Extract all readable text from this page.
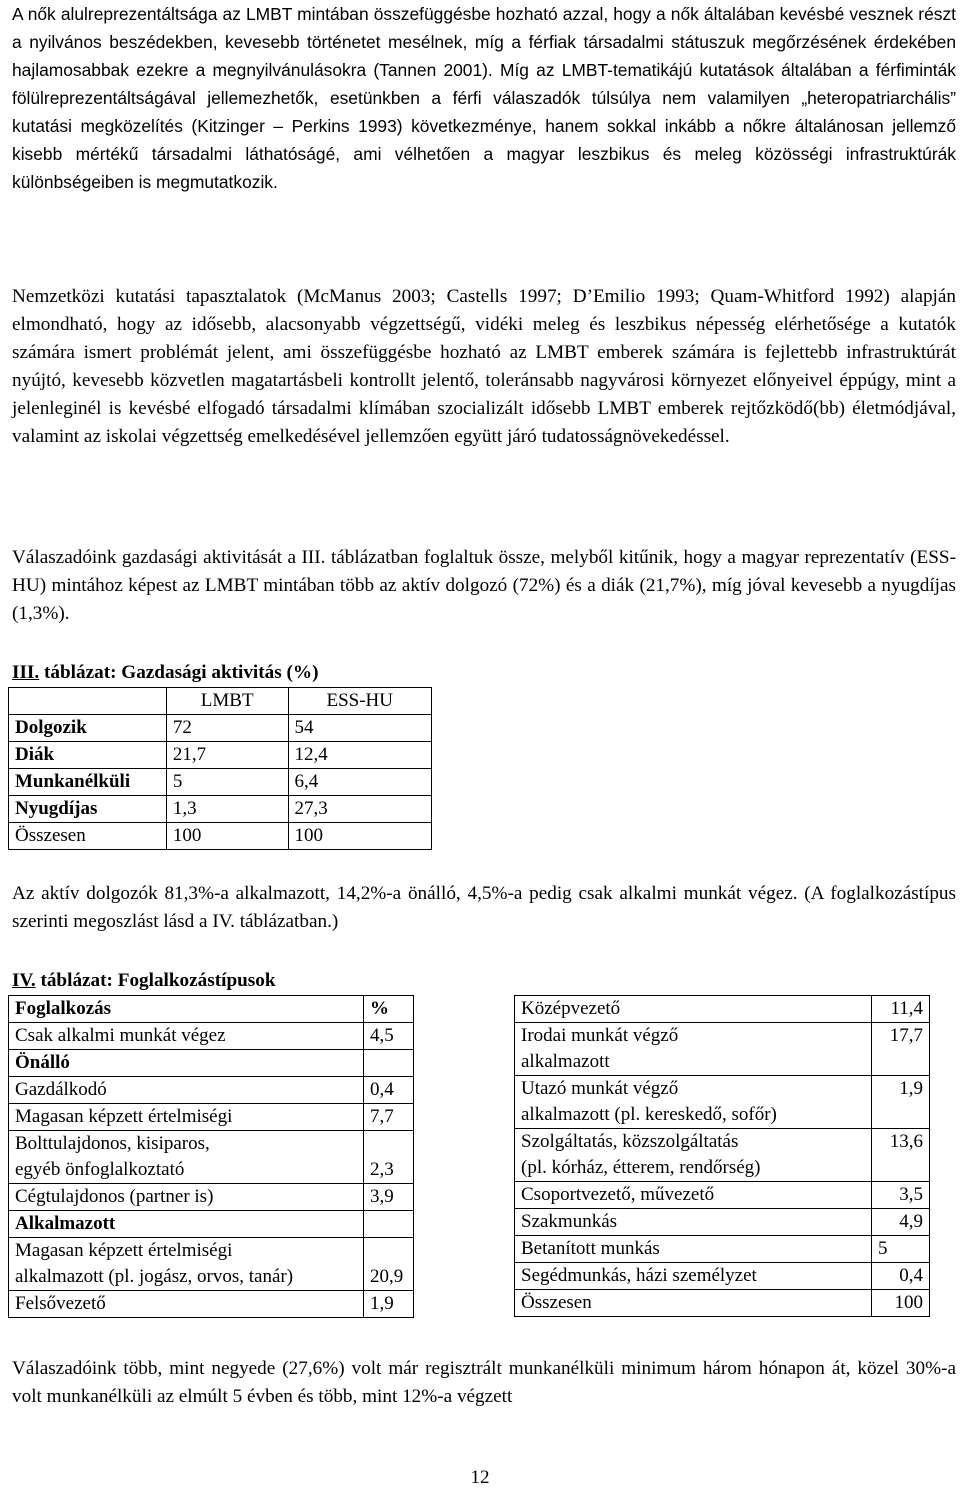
A nők alulreprezentáltsága az LMBT mintában összefüggésbe hozható azzal, hogy a nők általában kevésbé vesznek részt a nyilvános beszédekben, kevesebb történetet mesélnek, míg a férfiak társadalmi státuszuk megőrzésének érdekében hajlamosabbak ezekre a megnyilvánulásokra (Tannen 2001). Míg az LMBT-tematikájú kutatások általában a férfiminták fölülreprezentáltságával jellemezhetők, esetünkben a férfi válaszadók túlsúlya nem valamilyen „heteropatriarchális” kutatási megközelítés (Kitzinger – Perkins 1993) következménye, hanem sokkal inkább a nőkre általánosan jellemző kisebb mértékű társadalmi láthatóságé, ami vélhetően a magyar leszbikus és meleg közösségi infrastruktúrák különbségeiben is megmutatkozik.

Nemzetközi kutatási tapasztalatok (McManus 2003; Castells 1997; D’Emilio 1993; Quam-Whitford 1992) alapján elmondható, hogy az idősebb, alacsonyabb végzettségű, vidéki meleg és leszbikus népesség elérhetősége a kutatók számára ismert problémát jelent, ami összefüggésbe hozható az LMBT emberek számára is fejlettebb infrastruktúrát nyújtó, kevesebb közvetlen magatartásbeli kontrollt jelentő, toleránsabb nagyvárosi környezet előnyeivel éppúgy, mint a jelenleginél is kevésbé elfogadó társadalmi klímában szocializált idősebb LMBT emberek rejtőzködő(bb) életmódjával, valamint az iskolai végzettség emelkedésével jellemzően együtt járó tudatosságnövekedéssel.

Válaszadóink gazdasági aktivitását a III. táblázatban foglaltuk össze, melyből kitűnik, hogy a magyar reprezentatív (ESS-HU) mintához képest az LMBT mintában több az aktív dolgozó (72%) és a diák (21,7%), míg jóval kevesebb a nyugdíjas (1,3%).

III. táblázat: Gazdasági aktivitás (%)

	LMBT	ESS-HU
Dolgozik	72	54
Diák	21,7	12,4
Munkanélküli	5	6,4
Nyugdíjas	1,3	27,3
Összesen	100	100

Az aktív dolgozók 81,3%-a alkalmazott, 14,2%-a önálló, 4,5%-a pedig csak alkalmi munkát végez. (A foglalkozástípus szerinti megoszlást lásd a IV. táblázatban.)

IV. táblázat: Foglalkozástípusok

Foglalkozás	%
Csak alkalmi munkát végez	4,5
Önálló	
Gazdálkodó	0,4
Magasan képzett értelmiségi	7,7

Bolttulajdonos, kisiparos,
egyéb önfoglalkoztató	2,3
Cégtulajdonos (partner is)	3,9
Alkalmazott	

Magasan képzett értelmiségi
alkalmazott (pl. jogász, orvos, tanár)	20,9
Felsővezető	1,9
Középvezető	11,4

Irodai munkát végző
alkalmazott	17,7

Utazó munkát végző
alkalmazott (pl. kereskedő, sofőr)	1,9

Szolgáltatás, közszolgáltatás
(pl. kórház, étterem, rendőrség)	13,6
Csoportvezető, művezető	3,5
Szakmunkás	4,9
Betanított munkás	5
Segédmunkás, házi személyzet	0,4
Összesen	100

Válaszadóink több, mint negyede (27,6%) volt már regisztrált munkanélküli minimum három hónapon át, közel 30%-a volt munkanélküli az elmúlt 5 évben és több, mint 12%-a végzett

12
